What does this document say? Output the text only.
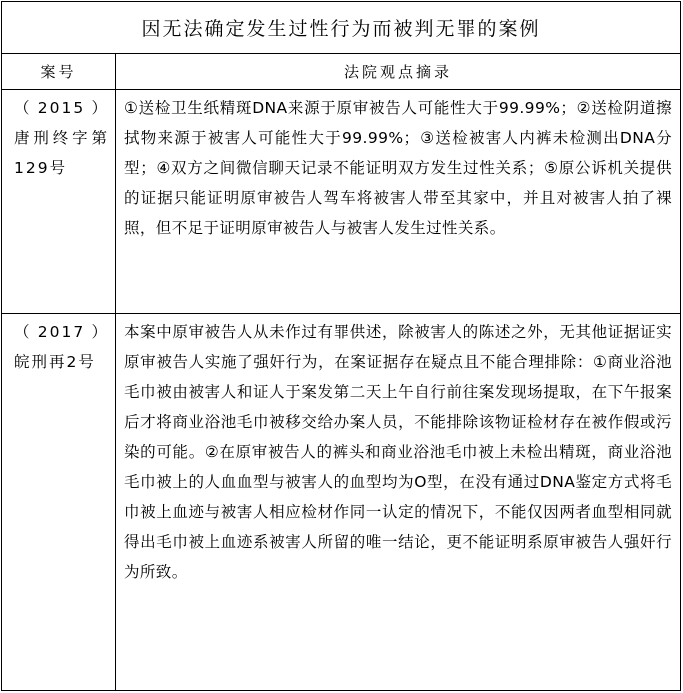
因无法确定发生过性行为而被判无罪的案例
案号	法院观点摘录
（2015）唐刑终字第129号
①送检卫生纸精斑DNA来源于原审被告人可能性大于99.99%；②送检阴道擦拭物来源于被害人可能性大于99.99%；③送检被害人内裤未检测出DNA分型；④双方之间微信聊天记录不能证明双方发生过性关系；⑤原公诉机关提供的证据只能证明原审被告人驾车将被害人带至其家中，并且对被害人拍了裸照，但不足于证明原审被告人与被害人发生过性关系。
（2017）皖刑再2号
本案中原审被告人从未作过有罪供述，除被害人的陈述之外，无其他证据证实原审被告人实施了强奸行为，在案证据存在疑点且不能合理排除：①商业浴池毛巾被由被害人和证人于案发第二天上午自行前往案发现场提取，在下午报案后才将商业浴池毛巾被移交给办案人员，不能排除该物证检材存在被作假或污染的可能。②在原审被告人的裤头和商业浴池毛巾被上未检出精斑，商业浴池毛巾被上的人血血型与被害人的血型均为O型，在没有通过DNA鉴定方式将毛巾被上血迹与被害人相应检材作同一认定的情况下，不能仅因两者血型相同就得出毛巾被上血迹系被害人所留的唯一结论，更不能证明系原审被告人强奸行为所致。
